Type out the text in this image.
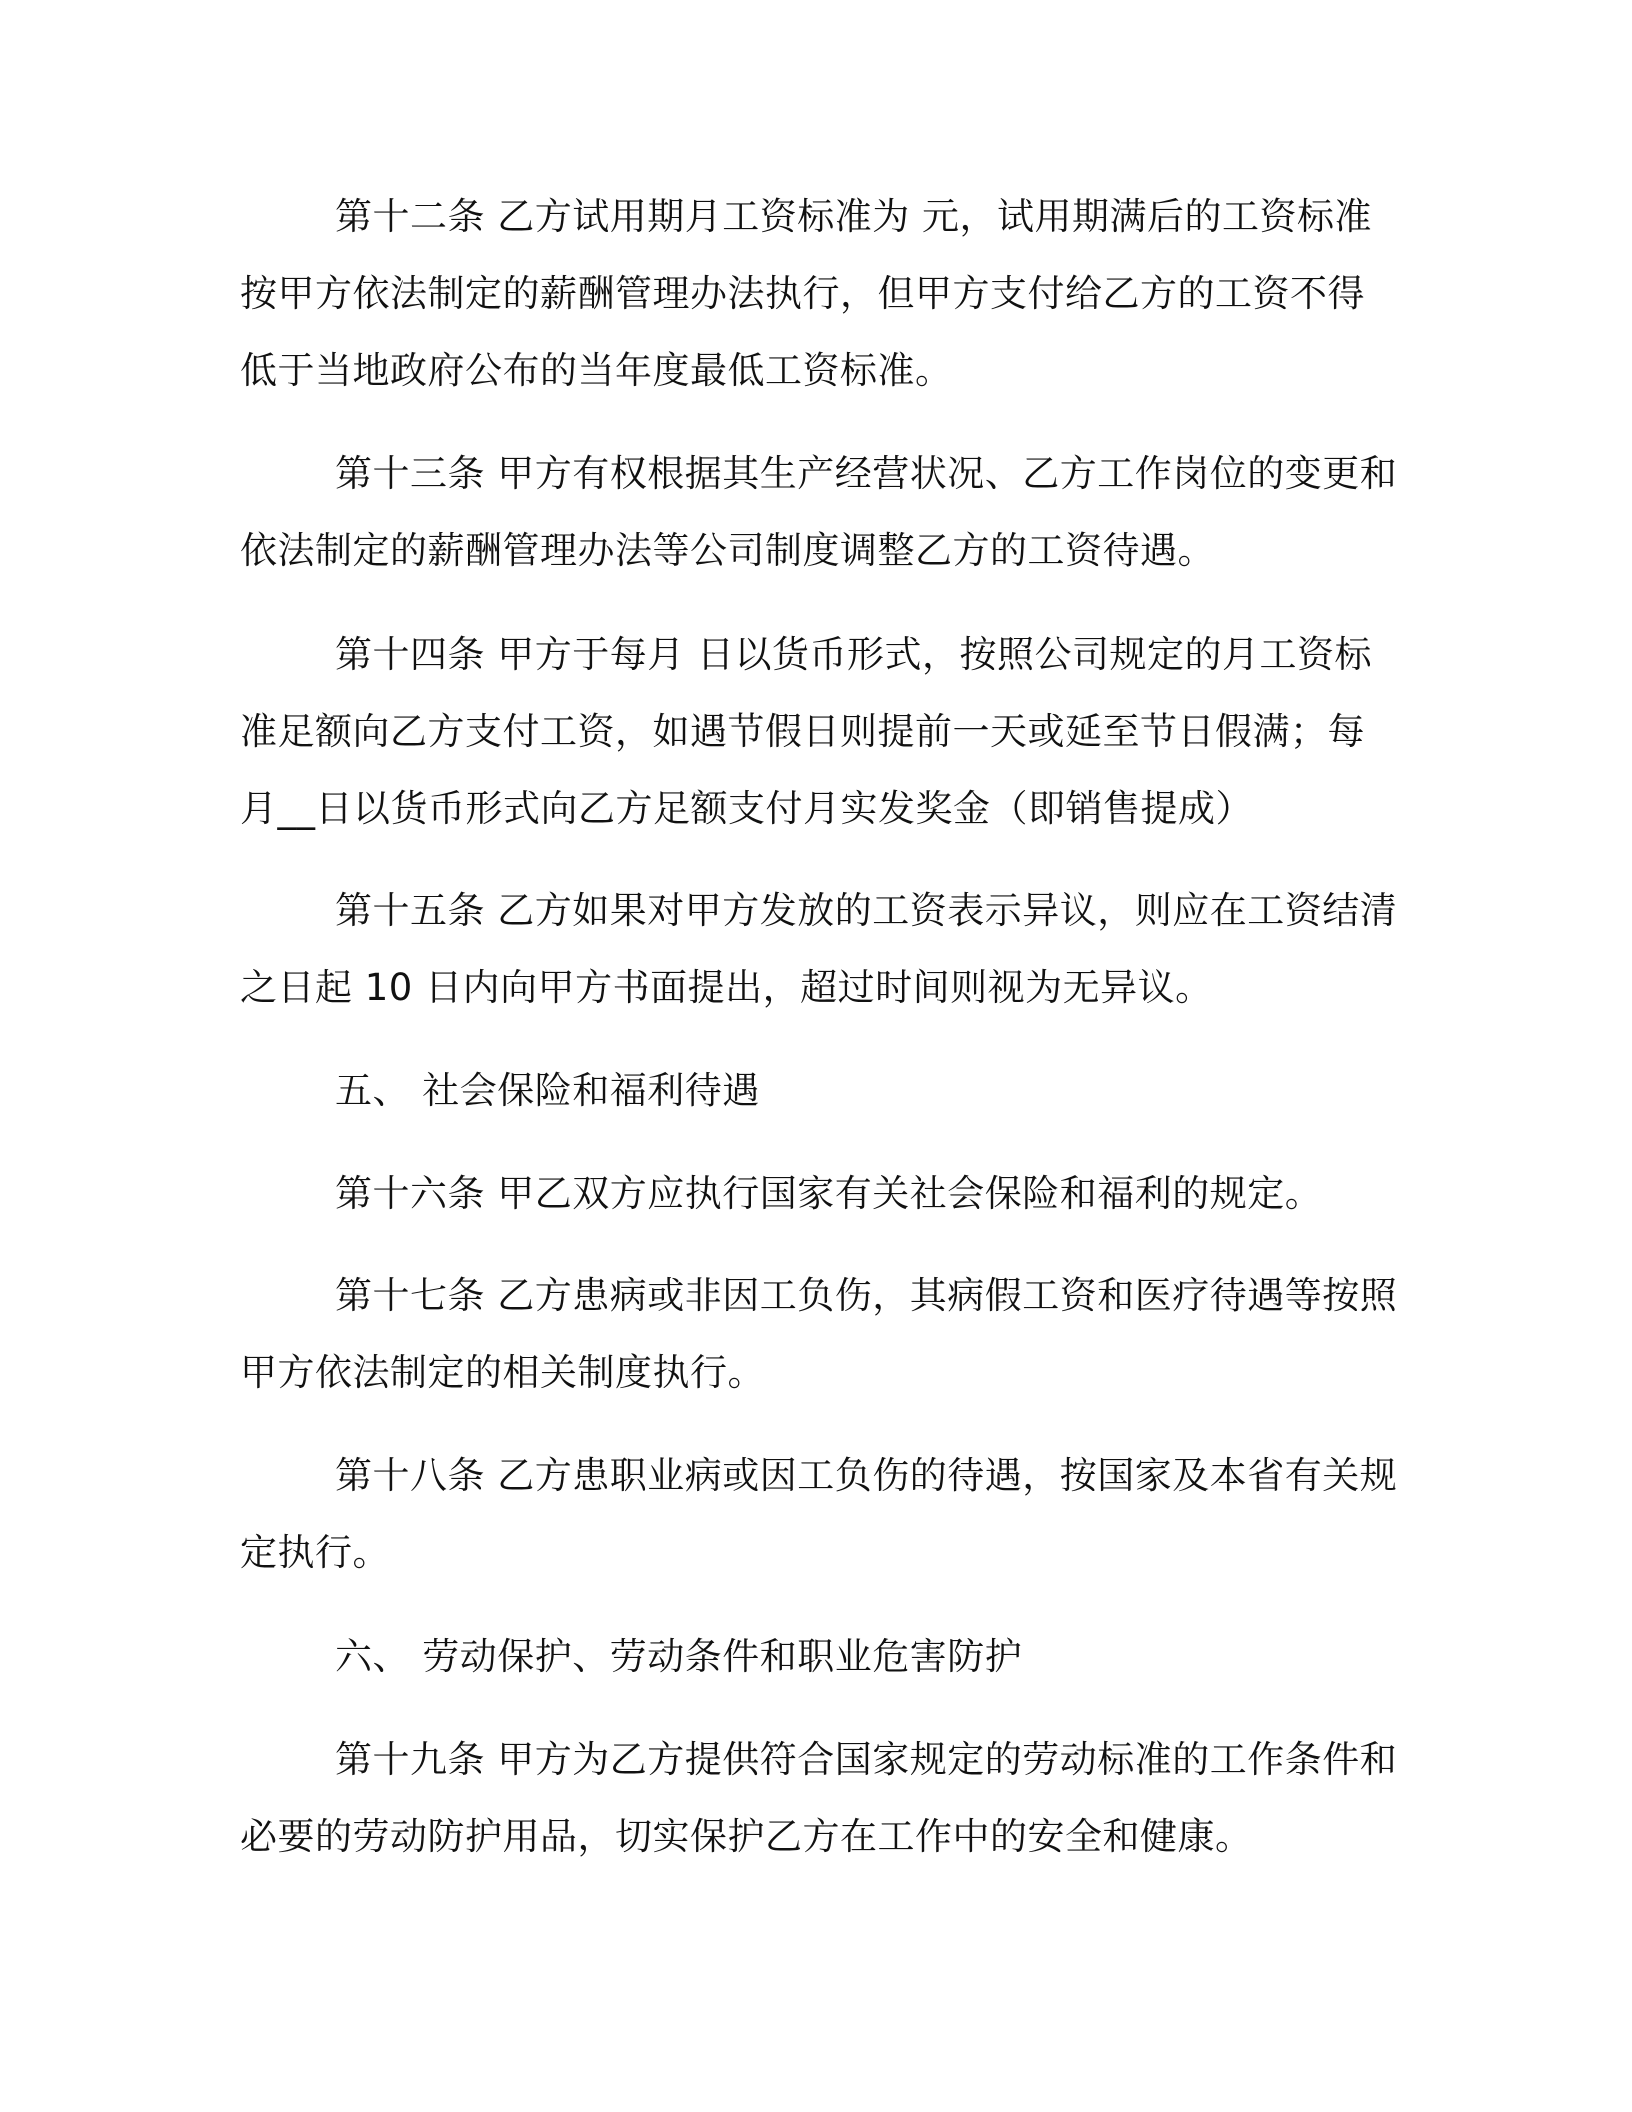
第十二条 乙方试用期月工资标准为 元，试用期满后的工资标准
按甲方依法制定的薪酬管理办法执行，但甲方支付给乙方的工资不得
低于当地政府公布的当年度最低工资标准。
第十三条 甲方有权根据其生产经营状况、乙方工作岗位的变更和
依法制定的薪酬管理办法等公司制度调整乙方的工资待遇。
第十四条 甲方于每月 日以货币形式，按照公司规定的月工资标
准足额向乙方支付工资，如遇节假日则提前一天或延至节日假满；每
月__日以货币形式向乙方足额支付月实发奖金（即销售提成）
第十五条 乙方如果对甲方发放的工资表示异议，则应在工资结清
之日起 10 日内向甲方书面提出，超过时间则视为无异议。
五、 社会保险和福利待遇
第十六条 甲乙双方应执行国家有关社会保险和福利的规定。
第十七条 乙方患病或非因工负伤，其病假工资和医疗待遇等按照
甲方依法制定的相关制度执行。
第十八条 乙方患职业病或因工负伤的待遇，按国家及本省有关规
定执行。
六、 劳动保护、劳动条件和职业危害防护
第十九条 甲方为乙方提供符合国家规定的劳动标准的工作条件和
必要的劳动防护用品，切实保护乙方在工作中的安全和健康。
